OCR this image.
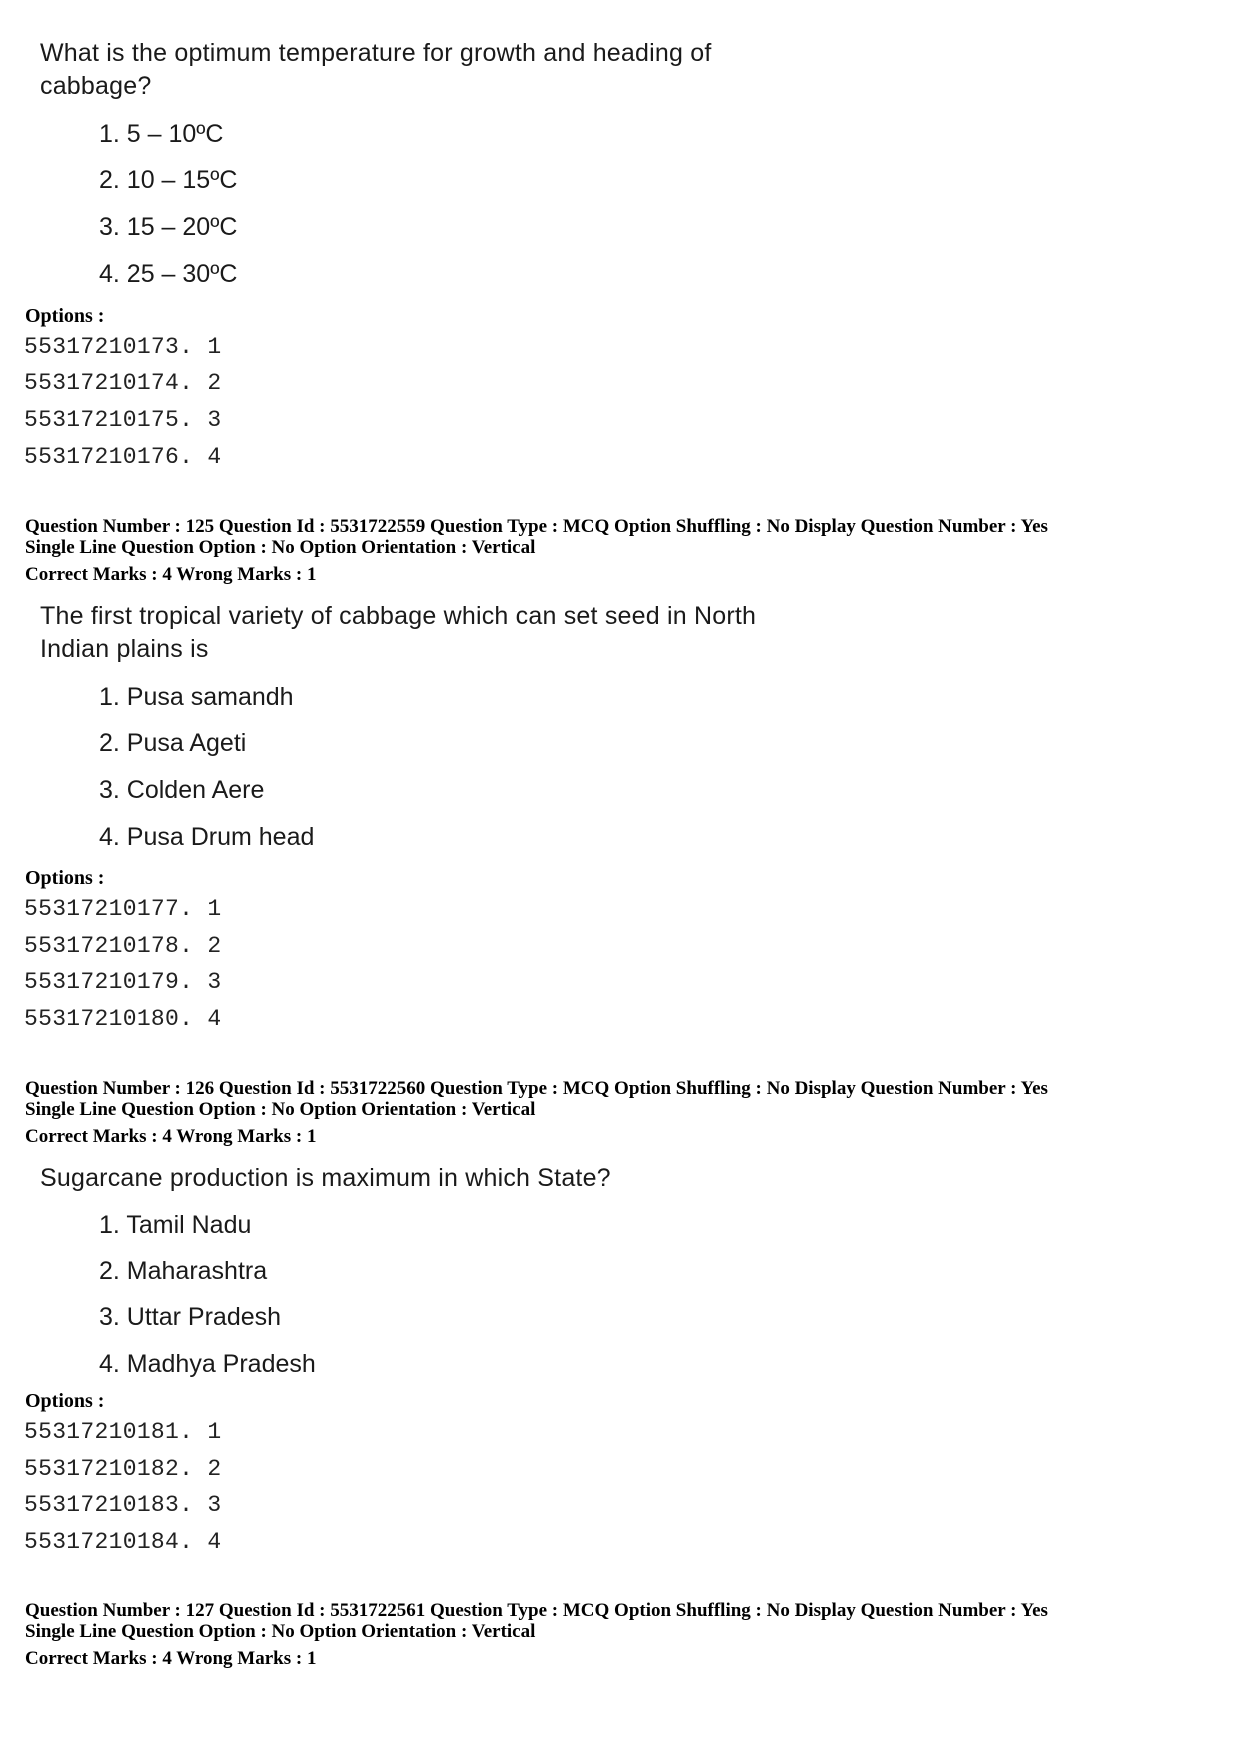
What is the optimum temperature for growth and heading of
cabbage?
1. 5 – 10ºC
2. 10 – 15ºC
3. 15 – 20ºC
4. 25 – 30ºC
Options :
55317210173. 1
55317210174. 2
55317210175. 3
55317210176. 4
Question Number : 125 Question Id : 5531722559 Question Type : MCQ Option Shuffling : No Display Question Number : Yes
Single Line Question Option : No Option Orientation : Vertical
Correct Marks : 4 Wrong Marks : 1
The first tropical variety of cabbage which can set seed in North
Indian plains is
1. Pusa samandh
2. Pusa Ageti
3. Colden Aere
4. Pusa Drum head
Options :
55317210177. 1
55317210178. 2
55317210179. 3
55317210180. 4
Question Number : 126 Question Id : 5531722560 Question Type : MCQ Option Shuffling : No Display Question Number : Yes
Single Line Question Option : No Option Orientation : Vertical
Correct Marks : 4 Wrong Marks : 1
Sugarcane production is maximum in which State?
1. Tamil Nadu
2. Maharashtra
3. Uttar Pradesh
4. Madhya Pradesh
Options :
55317210181. 1
55317210182. 2
55317210183. 3
55317210184. 4
Question Number : 127 Question Id : 5531722561 Question Type : MCQ Option Shuffling : No Display Question Number : Yes
Single Line Question Option : No Option Orientation : Vertical
Correct Marks : 4 Wrong Marks : 1
